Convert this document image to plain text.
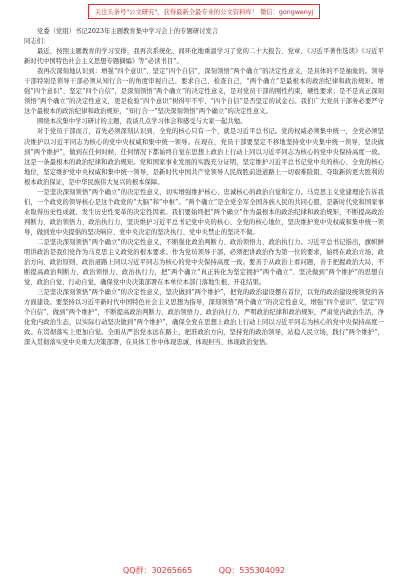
关注头条号"公文研究"，获得最新全最专业的公文资料库！ 微信：gongwenyj

党委（党组）书记2023年主题教育集中学习会上的专题研讨发言

同志们：

最近，按照主题教育的学习安排，我再次系统化、间环化地重温学习了党的二十大报告、党章、《习近平著作选读》《习近平新时代中国特色社会主义思想专题摘编》等“必读书目”。

我再次深刻地认识到：增强“四个意识”、坚定“四个自信”，深刻领悟“两个确立”的决定性意义，是具体的不是抽象的。领导干部特别是领导干部必须从知行合一的角度审视自己、要求自己、检查自己，“两个确立”是最根本的政治纪律和政治规矩。增强“四个意识”、坚定“四个自信”，是深刻领悟“两个确立”的决定性意义，是对党员干部的刚性约束，硬性要求；是不是真正深刻领悟“两个确立”的决定性意义，更是检验“四个意识”树得牢不牢、“四个自信”是否坚定的试金石。我们广大党员干部务必要严守这个最根本的政治纪律和政治规矩，“知行合一”坚决深刻领悟“两个确立”的决定性意义。

围绕本次集中学习研讨的主题，我谈几点学习体会和感受与大家一起共勉。

对于党员干部而言，首先必须深刻认识到，全党的核心只有一个，就是习近平总书记。党的权威必须集中统一，全党必须坚决维护以习近平同志为核心的党中央权威和集中统一领导。在现在，党员干部要坚定不移地坚持党中央集中统一领导，坚决做到“两个维护”，做到在任何时候、任何情况下都始终自觉在思想上政治上行动上同以习近平同志为核心的党中央保持高度一致。这是一条最根本的政治纪律和政治规矩。党和国家事业发展的实践充分证明，坚定维护习近平总书记党中央的核心、全党的核心地位，坚定维护党中央权威和集中统一领导，是新时代中国共产党领导人民战胜前进道路上一切艰难险阻、夺取新的更大胜利的根本政治保证，是中华民族伟大复兴的根本保障。

一是坚决深刻领悟“两个确立”的决定性意义，切实增强维护核心、忠诚核心的政治自觉和定力。马克思主义党建理论告诉我们，一个政党的领导核心是这个政党的“大脑”和“中枢”。“两个确立”是全党全军全国各族人民的共同心愿，是新时代党和国家事业取得历史性成就、发生历史性变革的决定性因素。我们要始终把“两个确立”作为最根本的政治纪律和政治规矩，不断提高政治判断力、政治领悟力、政治执行力，坚决维护习近平总书记党中央的核心、全党的核心地位，坚决维护党中央权威和集中统一领导，做到党中央提倡的坚决响应、党中央决定的坚决执行、党中央禁止的坚决不做。

二是坚决深刻领悟“两个确立”的决定性意义，不断强化政治判断力、政治领悟力、政治执行力。习近平总书记指出，旗帜鲜明讲政治是我们党作为马克思主义政党的根本要求。作为党员领导干部，必须把讲政治作为第一位的要求，始终在政治立场、政治方向、政治原则、政治道路上同以习近平同志为核心的党中央保持高度一致。要善于从政治上看问题，善于把握政治大局，不断提高政治判断力、政治领悟力、政治执行力，把“两个确立”真正转化为坚定拥护“两个确立”、坚决做到“两个维护”的思想自觉、政治自觉、行动自觉，确保党中央决策部署在本单位本部门落地生根、开花结果。

三是坚决深刻领悟“两个确立”的决定性意义，坚决做到“两个维护”，把党的政治建设摆在首位，以党的政治建设统领党的各方面建设。要坚持以习近平新时代中国特色社会主义思想为指导，深刻领悟“两个确立”的决定性意义，增强“四个意识”、坚定“四个自信”、做到“两个维护”，不断提高政治判断力、政治领悟力、政治执行力，严明政治纪律和政治规矩，严肃党内政治生活，净化党内政治生态，以实际行动坚决做到“两个维护”，确保全党在思想上政治上行动上同以习近平同志为核心的党中央保持高度一致。在贯彻落实上更加自觉。全面从严治党永远在路上，把准政治方向，坚持党的政治领导，站稳人民立场，践行“两个维护”，深入贯彻落实党中央重大决策部署，在具体工作中体现忠诚、体现担当、体现政治觉悟。

QQ群：30265665	QQ：535304092
